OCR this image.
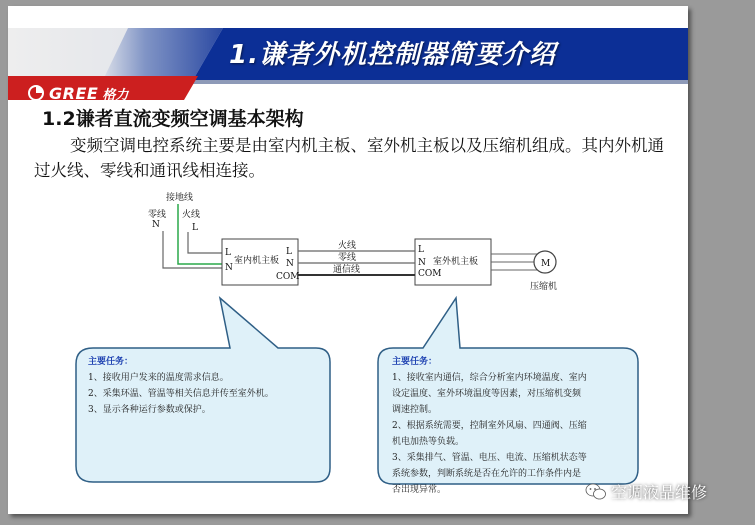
1.谦者外机控制器简要介绍
GREE 格力
1.2谦者直流变频空调基本架构
变频空调电控系统主要是由室内机主板、室外机主板以及压缩机组成。其内外机通过火线、零线和通讯线相连接。
接地线
零线
N
火线
L
L
N
室内机主板
L
N
COM
火线
零线
通信线
L
N
COM
室外机主板	M
压缩机
主要任务：
1、接收用户发来的温度需求信息。
2、采集环温、管温等相关信息并传至室外机。
3、显示各种运行参数或保护。
主要任务：
1、接收室内通信，综合分析室内环境温度、室内
设定温度、室外环境温度等因素，对压缩机变频
调速控制。
2、根据系统需要，控制室外风扇、四通阀、压缩
机电加热等负载。
3、采集排气、管温、电压、电流、压缩机状态等
系统参数，判断系统是否在允许的工作条件内是
否出现异常。	空调液晶维修
